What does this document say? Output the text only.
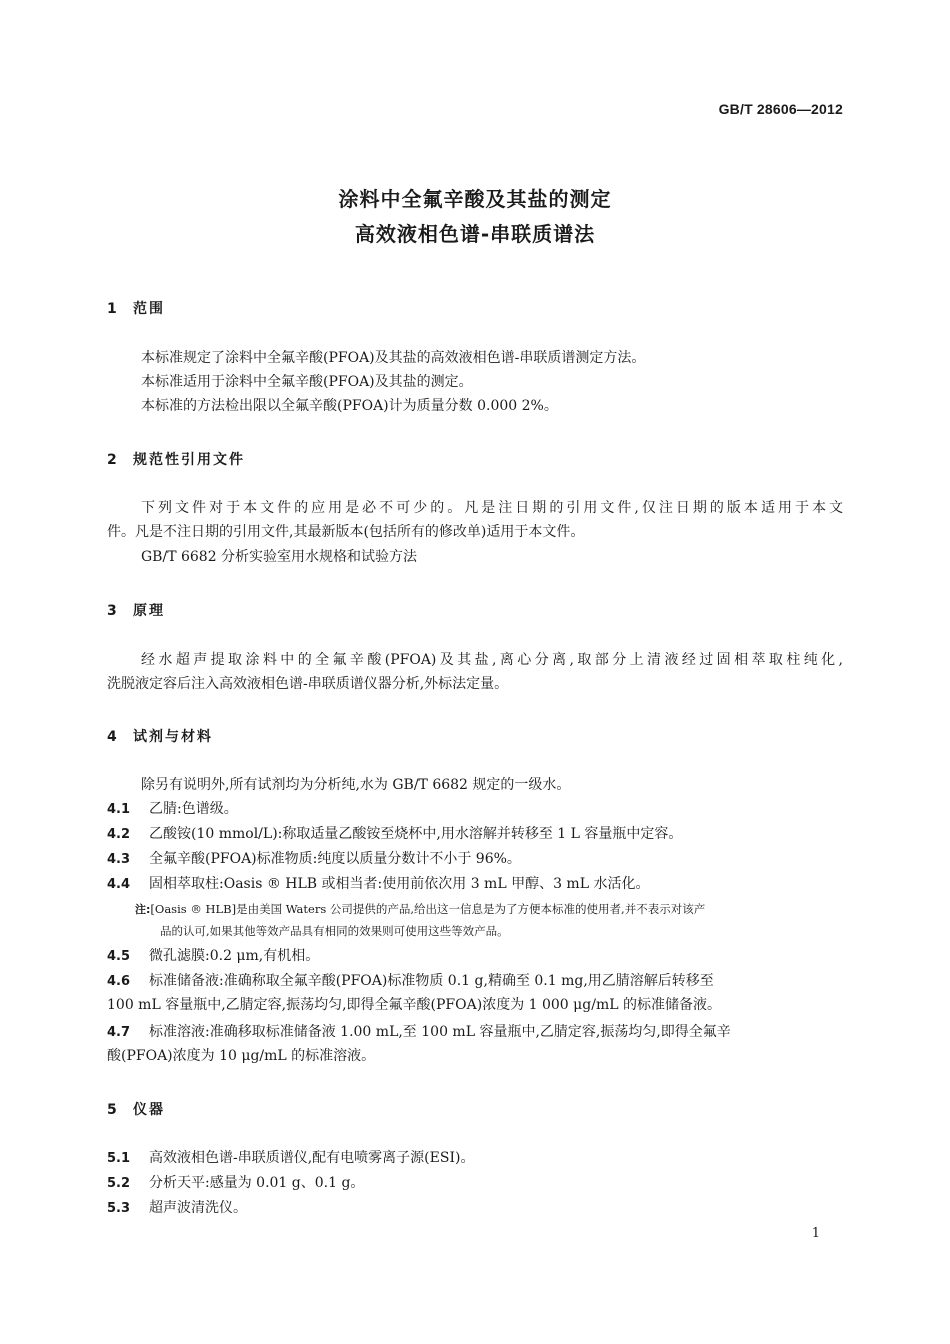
GB/T 28606—2012
涂料中全氟辛酸及其盐的测定
高效液相色谱-串联质谱法
1 范围
本标准规定了涂料中全氟辛酸(PFOA)及其盐的高效液相色谱-串联质谱测定方法。
本标准适用于涂料中全氟辛酸(PFOA)及其盐的测定。
本标准的方法检出限以全氟辛酸(PFOA)计为质量分数 0.000 2%。
2 规范性引用文件
下列文件对于本文件的应用是必不可少的。凡是注日期的引用文件,仅注日期的版本适用于本文
件。凡是不注日期的引用文件,其最新版本(包括所有的修改单)适用于本文件。
GB/T 6682 分析实验室用水规格和试验方法
3 原理
经水超声提取涂料中的全氟辛酸(PFOA)及其盐,离心分离,取部分上清液经过固相萃取柱纯化,
洗脱液定容后注入高效液相色谱-串联质谱仪器分析,外标法定量。
4 试剂与材料
除另有说明外,所有试剂均为分析纯,水为 GB/T 6682 规定的一级水。
4.1 乙腈:色谱级。
4.2 乙酸铵(10 mmol/L):称取适量乙酸铵至烧杯中,用水溶解并转移至 1 L 容量瓶中定容。
4.3 全氟辛酸(PFOA)标准物质:纯度以质量分数计不小于 96%。
4.4 固相萃取柱:Oasis ® HLB 或相当者:使用前依次用 3 mL 甲醇、3 mL 水活化。
注:[Oasis ® HLB]是由美国 Waters 公司提供的产品,给出这一信息是为了方便本标准的使用者,并不表示对该产
品的认可,如果其他等效产品具有相同的效果则可使用这些等效产品。
4.5 微孔滤膜:0.2 μm,有机相。
4.6 标准储备液:准确称取全氟辛酸(PFOA)标准物质 0.1 g,精确至 0.1 mg,用乙腈溶解后转移至
100 mL 容量瓶中,乙腈定容,振荡均匀,即得全氟辛酸(PFOA)浓度为 1 000 μg/mL 的标准储备液。
4.7 标准溶液:准确移取标准储备液 1.00 mL,至 100 mL 容量瓶中,乙腈定容,振荡均匀,即得全氟辛
酸(PFOA)浓度为 10 μg/mL 的标准溶液。
5 仪器
5.1 高效液相色谱-串联质谱仪,配有电喷雾离子源(ESI)。
5.2 分析天平:感量为 0.01 g、0.1 g。
5.3 超声波清洗仪。
1
